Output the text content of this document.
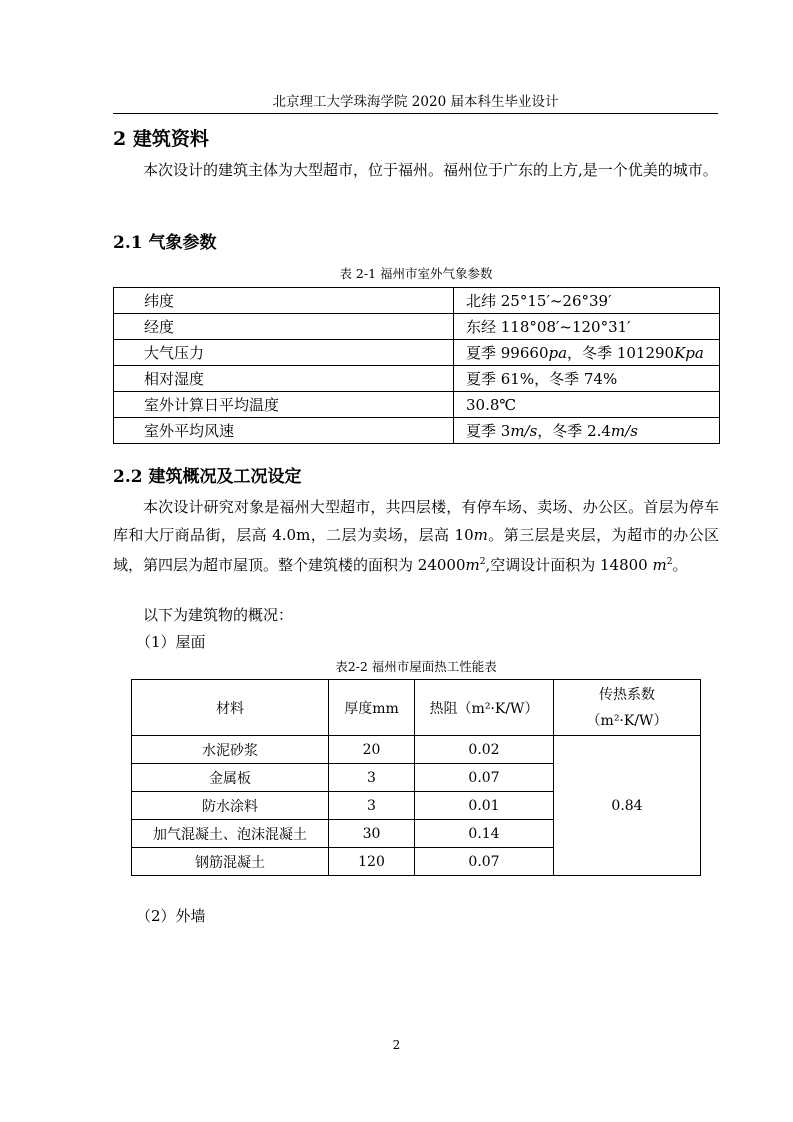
北京理工大学珠海学院 2020 届本科生毕业设计
2 建筑资料
本次设计的建筑主体为大型超市，位于福州。福州位于广东的上方,是一个优美的城市。
2.1 气象参数
表 2-1 福州市室外气象参数
纬度	北纬 25°15′~26°39′
经度	东经 118°08′~120°31′
大气压力	夏季 99660pa，冬季 101290Kpa
相对湿度	夏季 61%，冬季 74%
室外计算日平均温度	30.8℃
室外平均风速	夏季 3m/s，冬季 2.4m/s
2.2 建筑概况及工况设定
本次设计研究对象是福州大型超市，共四层楼，有停车场、卖场、办公区。首层为停车库和大厅商品街，层高 4.0m，二层为卖场，层高 10m。第三层是夹层，为超市的办公区域，第四层为超市屋顶。整个建筑楼的面积为 $24000m^2$,空调设计面积为 14800 $m^2$。
以下为建筑物的概况：
（1）屋面
表2-2 福州市屋面热工性能表
材料	厚度mm	热阻（m²·K/W）	传热系数
（m²·K/W）

水泥砂浆	20	0.02	0.84
金属板	3	0.07	
防水涂料	3	0.01	
加气混凝土、泡沫混凝土	30	0.14	
钢筋混凝土	120	0.07	
（2）外墙
2
